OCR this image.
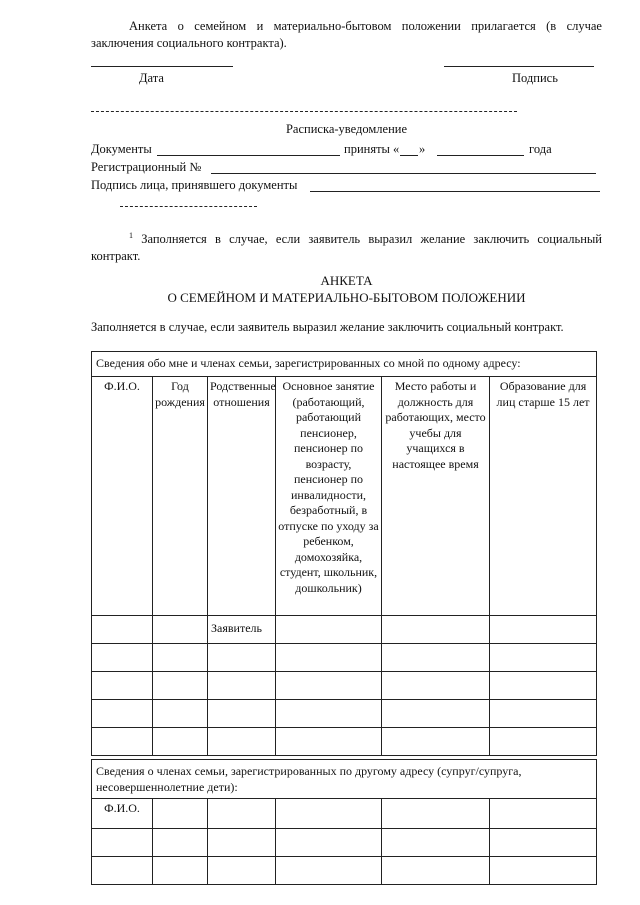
Анкета о семейном и материально-бытовом положении прилагается (в случае заключения социального контракта).
Дата	Подпись
Расписка-уведомление
Документы	приняты « »	года
Регистрационный №
Подпись лица, принявшего документы
$^1$ Заполняется в случае, если заявитель выразил желание заключить социальный контракт.
АНКЕТА
О СЕМЕЙНОМ И МАТЕРИАЛЬНО-БЫТОВОМ ПОЛОЖЕНИИ
Заполняется в случае, если заявитель выразил желание заключить социальный контракт.
Сведения обо мне и членах семьи, зарегистрированных со мной по одному адресу:					
Ф.И.О.	Год рождения	Родственные отношения	Основное занятие (работающий, работающий пенсионер, пенсионер по возрасту, пенсионер по инвалидности, безработный, в отпуске по уходу за ребенком, домохозяйка, студент, школьник, дошкольник)	Место работы и должность для работающих, место учебы для учащихся в настоящее время	Образование для лиц старше 15 лет
		Заявитель			

Сведения о членах семьи, зарегистрированных по другому адресу (супруг/супруга, несовершеннолетние дети):					
Ф.И.О.					
